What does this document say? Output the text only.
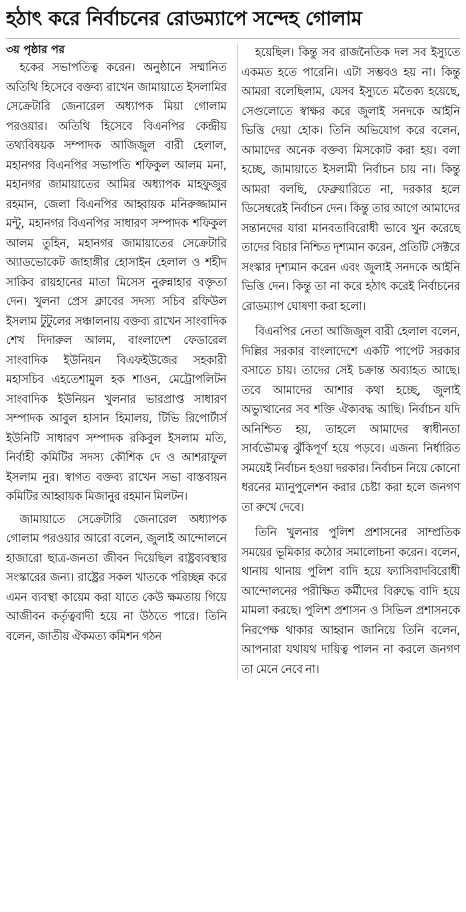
হঠাৎ করে নির্বাচনের রোডম্যাপে সন্দেহ গোলাম

৩য় পৃষ্ঠার পর

হকের সভাপতিত্ব করেন। অনুষ্ঠানে সম্মানিত অতিথি হিসেবে বক্তব্য রাখেন জামায়াতে ইসলামির সেক্রেটারি জেনারেল অধ্যাপক মিয়া গোলাম পরওয়ার। অতিথি হিসেবে বিএনপির কেন্দ্রীয় তথ্যবিষয়ক সম্পাদক আজিজুল বারী হেলাল, মহানগর বিএনপির সভাপতি শফিকুল আলম মনা, মহানগর জামায়াতের আমির অধ্যাপক মাহফুজুর রহমান, জেলা বিএনপির আহ্বায়ক মনিরুজ্জামান মন্টু, মহানগর বিএনপির সাধারণ সম্পাদক শফিকুল আলম তুহিন, মহানগর জামায়াতের সেক্রেটারি অ্যাডভোকেট জাহাঙ্গীর হোসাইন হেলাল ও শহীদ সাকিব রায়হানের মাতা মিসেস নুরুন্নাহার বক্তৃতা দেন। খুলনা প্রেস ক্লাবের সদস্য সচিব রফিউল ইসলাম টুটুলের সঞ্চালনায় বক্তব্য রাখেন সাংবাদিক শেখ দিদারুল আলম, বাংলাদেশ ফেডারেল সাংবাদিক ইউনিয়ন বিএফইউজের সহকারী মহাসচিব এহতেশামুল হক শাওন, মেট্রোপলিটন সাংবাদিক ইউনিয়ন খুলনার ভারপ্রাপ্ত সাধারণ সম্পাদক আবুল হাসান হিমালয়, টিভি রিপোর্টার্স ইউনিটি সাধারণ সম্পাদক রকিবুল ইসলাম মতি, নির্বাহী কমিটির সদস্য কৌশিক দে ও আশরাফুল ইসলাম নুর। স্বাগত বক্তব্য রাখেন সভা বাস্তবায়ন কমিটির আহ্বায়ক মিজানুর রহমান মিলটন।

জামায়াতে সেক্রেটারি জেনারেল অধ্যাপক গোলাম পরওয়ার আরো বলেন, জুলাই আন্দোলনে হাজারো ছাত্র-জনতা জীবন দিয়েছিল রাষ্ট্রব্যবস্থার সংস্কারের জন্য। রাষ্ট্রের সকল খাতকে পরিচ্ছন্ন করে এমন ব্যবস্থা কায়েম করা যাতে কেউ ক্ষমতায় গিয়ে আজীবন কর্তৃত্ববাদী হয়ে না উঠতে পারে। তিনি বলেন, জাতীয় ঐকমত্য কমিশন গঠন

হয়েছিল। কিন্তু সব রাজনৈতিক দল সব ইস্যুতে একমত হতে পারেনি। এটা সম্ভবও হয় না। কিন্তু আমরা বলেছিলাম, যেসব ইস্যুতে মতৈক্য হয়েছে, সেগুলোতে স্বাক্ষর করে জুলাই সনদকে আইনি ভিত্তি দেয়া হোক। তিনি অভিযোগ করে বলেন, আমাদের অনেক বক্তব্য মিসকোট করা হয়। বলা হচ্ছে, জামায়াতে ইসলামী নির্বাচন চায় না। কিন্তু আমরা বলছি, ফেব্রুয়ারিতে না, দরকার হলে ডিসেম্বরেই নির্বাচন দেন। কিন্তু তার আগে আমাদের সন্তানদের যারা মানবতাবিরোধী ভাবে খুন করেছে তাদের বিচার নিশ্চিত দৃশ্যমান করেন, প্রতিটি সেক্টরে সংস্কার দৃশ্যমান করেন এবং জুলাই সনদকে আইনি ভিত্তি দেন। কিন্তু তা না করে হঠাৎ করেই নির্বাচনের রোডম্যাপ ঘোষণা করা হলো।

বিএনপির নেতা আজিজুল বারী হেলাল বলেন, দিল্লির সরকার বাংলাদেশে একটি পাপেট সরকার বসাতে চায়। তাদের সেই চক্রান্ত অব্যাহত আছে। তবে আমাদের আশার কথা হচ্ছে, জুলাই অভ্যুত্থানের সব শক্তি ঐক্যবদ্ধ আছি। নির্বাচন যদি অনিশ্চিত হয়, তাহলে আমাদের স্বাধীনতা সার্বভৌমত্ব ঝুঁকিপূর্ণ হয়ে পড়বে। এজন্য নির্ধারিত সময়েই নির্বাচন হওয়া দরকার। নির্বাচন নিয়ে কোনো ধরনের ম্যানুপুলেশন করার চেষ্টা করা হলে জনগণ তা রুখে দেবে।

তিনি খুলনার পুলিশ প্রশাসনের সাম্প্রতিক সময়ের ভূমিকার কঠোর সমালোচনা করেন। বলেন, থানায় থানায় পুলিশ বাদি হয়ে ফ্যাসিবাদবিরোধী আন্দোলনের পরীক্ষিত কর্মীদের বিরুদ্ধে বাদি হয়ে মামলা করছে। পুলিশ প্রশাসন ও সিভিল প্রশাসনকে নিরপেক্ষ থাকার আহ্বান জানিয়ে তিনি বলেন, আপনারা যথাযথ দায়িত্ব পালন না করলে জনগণ তা মেনে নেবে না।
